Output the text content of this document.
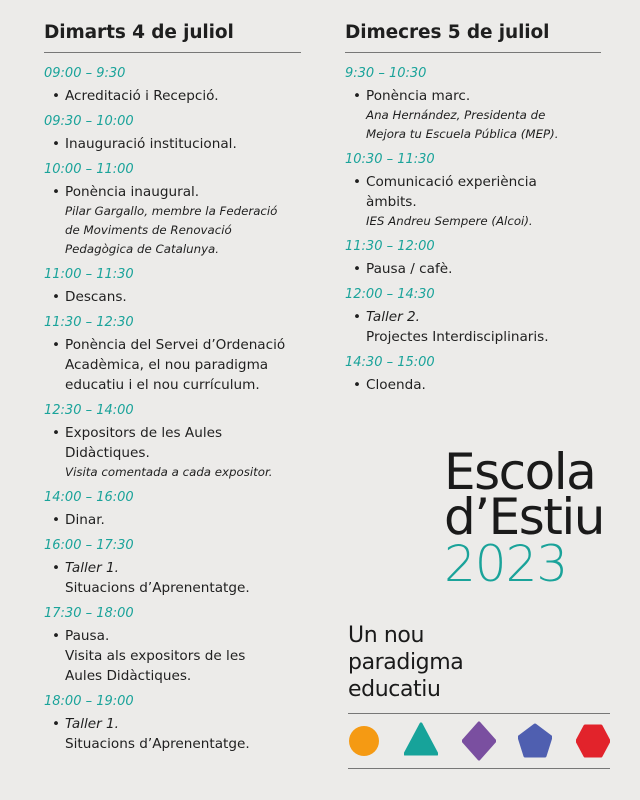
Dimarts 4 de juliol
09:00 – 9:30
• Acreditació i Recepció.
09:30 – 10:00
• Inauguració institucional.
10:00 – 11:00
• Ponència inaugural.
Pilar Gargallo, membre la Federació
de Moviments de Renovació
Pedagògica de Catalunya.
11:00 – 11:30
• Descans.
11:30 – 12:30
• Ponència del Servei d’Ordenació
Acadèmica, el nou paradigma
educatiu i el nou currículum.
12:30 – 14:00
• Expositors de les Aules
Didàctiques.
Visita comentada a cada expositor.
14:00 – 16:00
• Dinar.
16:00 – 17:30
• Taller 1.
Situacions d’Aprenentatge.
17:30 – 18:00
• Pausa.
Visita als expositors de les
Aules Didàctiques.
18:00 – 19:00
• Taller 1.
Situacions d’Aprenentatge.
Dimecres 5 de juliol
9:30 – 10:30
• Ponència marc.
Ana Hernández, Presidenta de
Mejora tu Escuela Pública (MEP).
10:30 – 11:30
• Comunicació experiència
àmbits.
IES Andreu Sempere (Alcoi).
11:30 – 12:00
• Pausa / cafè.
12:00 – 14:30
• Taller 2.
Projectes Interdisciplinaris.
14:30 – 15:00
• Cloenda.
Escola
d’Estiu
2023
Un nou
paradigma
educatiu
